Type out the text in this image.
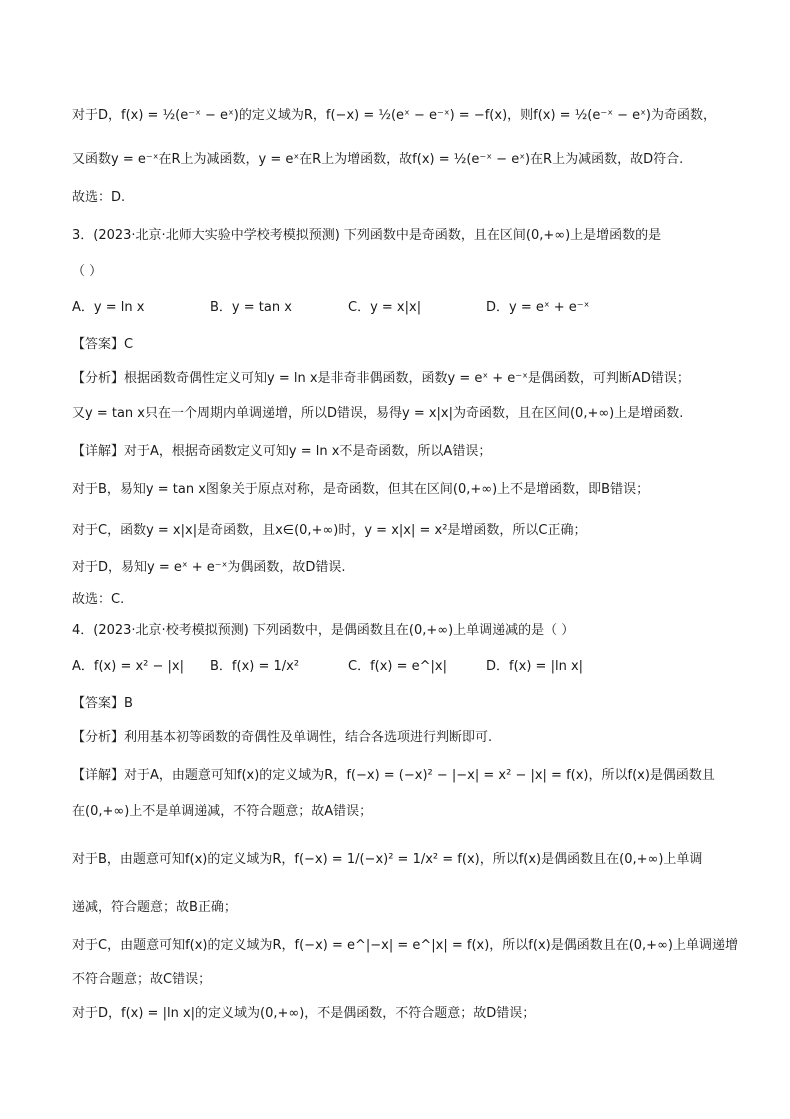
对于D，f(x) = ½(e⁻ˣ − eˣ)的定义域为R，f(−x) = ½(eˣ − e⁻ˣ) = −f(x)，则f(x) = ½(e⁻ˣ − eˣ)为奇函数，
又函数y = e⁻ˣ在R上为减函数，y = eˣ在R上为增函数，故f(x) = ½(e⁻ˣ − eˣ)在R上为减函数，故D符合.
故选：D.
3．(2023·北京·北师大实验中学校考模拟预测) 下列函数中是奇函数，且在区间(0,+∞)上是增函数的是
（ ）
A．y = ln x	B．y = tan x	C．y = x|x|	D．y = eˣ + e⁻ˣ
【答案】C
【分析】根据函数奇偶性定义可知y = ln x是非奇非偶函数，函数y = eˣ + e⁻ˣ是偶函数，可判断AD错误；
又y = tan x只在一个周期内单调递增，所以D错误，易得y = x|x|为奇函数，且在区间(0,+∞)上是增函数.
【详解】对于A，根据奇函数定义可知y = ln x不是奇函数，所以A错误；
对于B，易知y = tan x图象关于原点对称，是奇函数，但其在区间(0,+∞)上不是增函数，即B错误；
对于C，函数y = x|x|是奇函数，且x∈(0,+∞)时，y = x|x| = x²是增函数，所以C正确；
对于D，易知y = eˣ + e⁻ˣ为偶函数，故D错误.
故选：C.
4．(2023·北京·校考模拟预测) 下列函数中，是偶函数且在(0,+∞)上单调递减的是（ ）
A．f(x) = x² − |x| B．f(x) = 1/x²	C．f(x) = e^|x|	D．f(x) = |ln x|
【答案】B
【分析】利用基本初等函数的奇偶性及单调性，结合各选项进行判断即可.
【详解】对于A，由题意可知f(x)的定义域为R，f(−x) = (−x)² − |−x| = x² − |x| = f(x)，所以f(x)是偶函数且
在(0,+∞)上不是单调递减，不符合题意；故A错误；
对于B，由题意可知f(x)的定义域为R，f(−x) = 1/(−x)² = 1/x² = f(x)，所以f(x)是偶函数且在(0,+∞)上单调
递减，符合题意；故B正确；
对于C，由题意可知f(x)的定义域为R，f(−x) = e^|−x| = e^|x| = f(x)，所以f(x)是偶函数且在(0,+∞)上单调递增
不符合题意；故C错误；
对于D，f(x) = |ln x|的定义域为(0,+∞)，不是偶函数，不符合题意；故D错误；
